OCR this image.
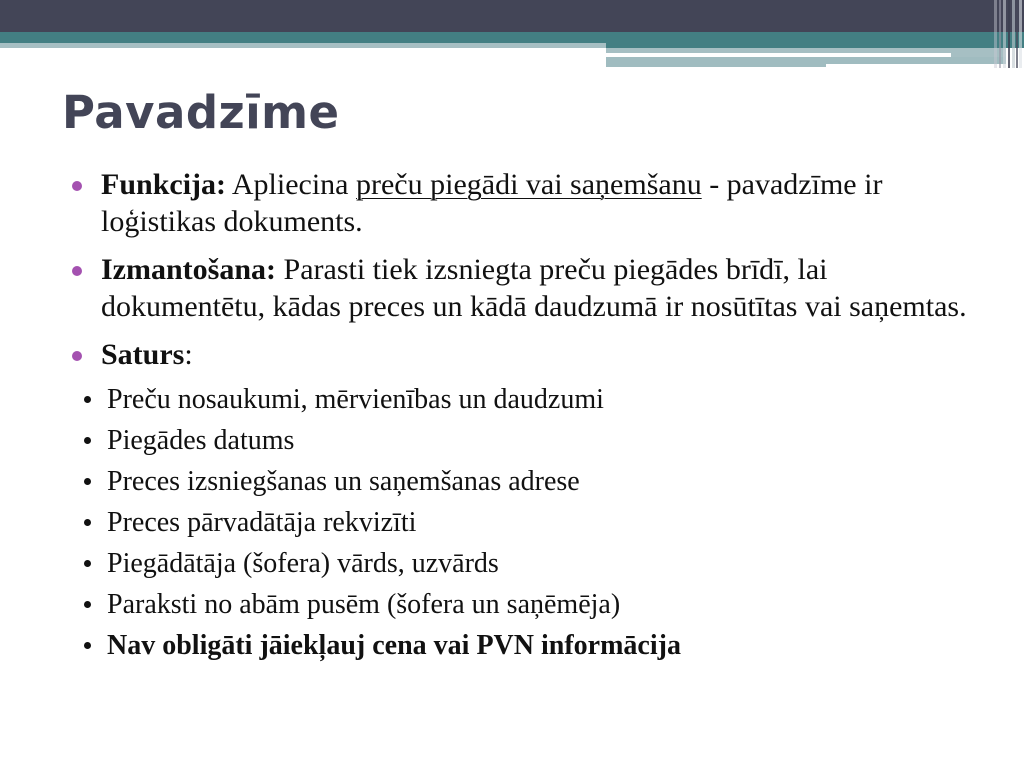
Pavadzīme
Funkcija: Apliecina preču piegādi vai saņemšanu - pavadzīme ir loģistikas dokuments.
Izmantošana: Parasti tiek izsniegta preču piegādes brīdī, lai dokumentētu, kādas preces un kādā daudzumā ir nosūtītas vai saņemtas.
Saturs:
Preču nosaukumi, mērvienības un daudzumi
Piegādes datums
Preces izsniegšanas un saņemšanas adrese
Preces pārvadātāja rekvizīti
Piegādātāja (šofera) vārds, uzvārds
Paraksti no abām pusēm (šofera un saņēmēja)
Nav obligāti jāiekļauj cena vai PVN informācija
